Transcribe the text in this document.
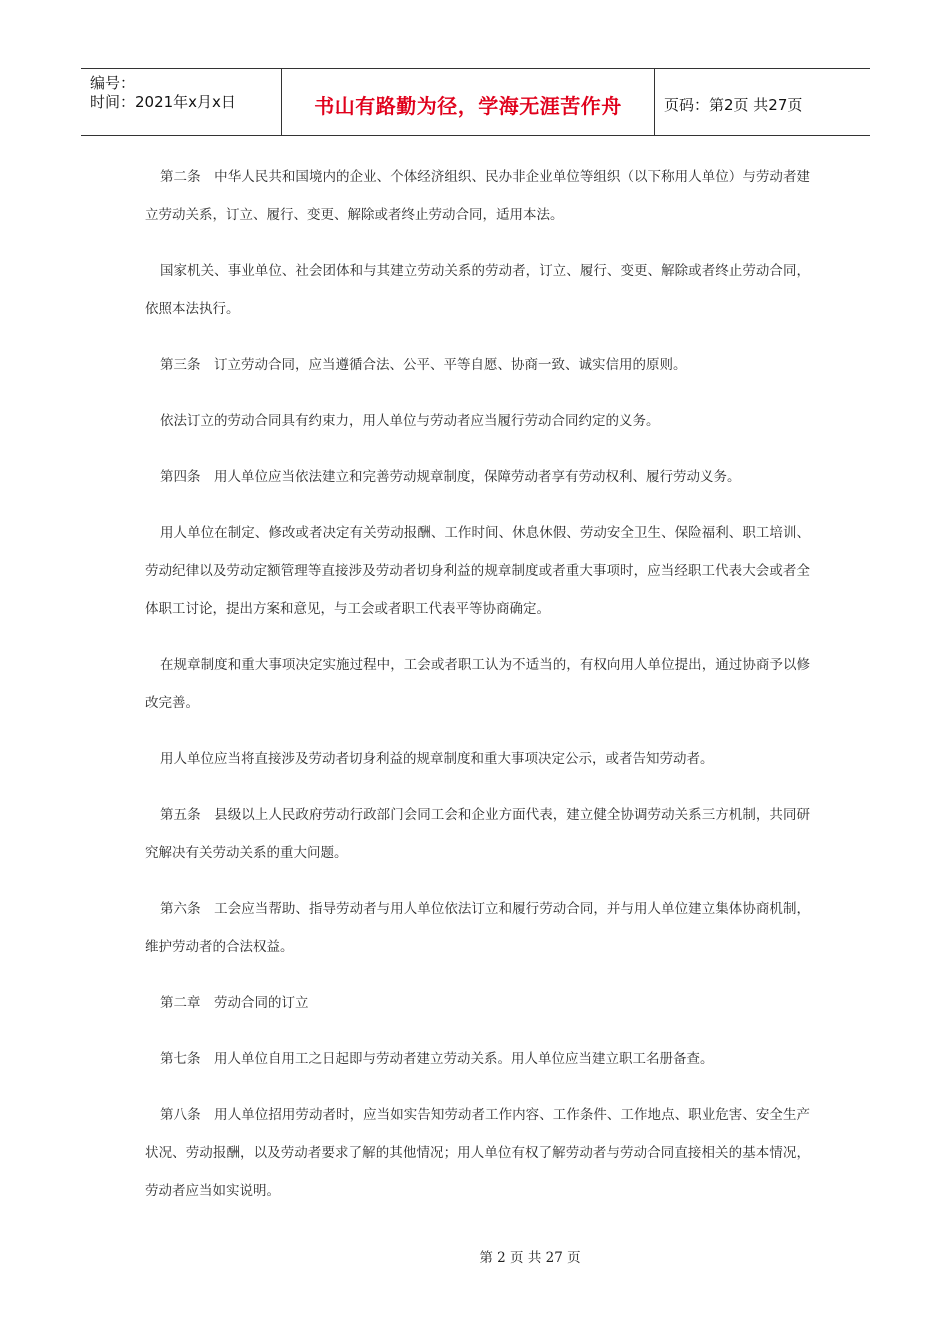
编号：
时间：2021年x月x日	书山有路勤为径，学海无涯苦作舟	页码：第2页 共27页

第二条　中华人民共和国境内的企业、个体经济组织、民办非企业单位等组织（以下称用人单位）与劳动者建立劳动关系，订立、履行、变更、解除或者终止劳动合同，适用本法。

国家机关、事业单位、社会团体和与其建立劳动关系的劳动者，订立、履行、变更、解除或者终止劳动合同，依照本法执行。

第三条　订立劳动合同，应当遵循合法、公平、平等自愿、协商一致、诚实信用的原则。

依法订立的劳动合同具有约束力，用人单位与劳动者应当履行劳动合同约定的义务。

第四条　用人单位应当依法建立和完善劳动规章制度，保障劳动者享有劳动权利、履行劳动义务。

用人单位在制定、修改或者决定有关劳动报酬、工作时间、休息休假、劳动安全卫生、保险福利、职工培训、劳动纪律以及劳动定额管理等直接涉及劳动者切身利益的规章制度或者重大事项时，应当经职工代表大会或者全体职工讨论，提出方案和意见，与工会或者职工代表平等协商确定。

在规章制度和重大事项决定实施过程中，工会或者职工认为不适当的，有权向用人单位提出，通过协商予以修改完善。

用人单位应当将直接涉及劳动者切身利益的规章制度和重大事项决定公示，或者告知劳动者。

第五条　县级以上人民政府劳动行政部门会同工会和企业方面代表，建立健全协调劳动关系三方机制，共同研究解决有关劳动关系的重大问题。

第六条　工会应当帮助、指导劳动者与用人单位依法订立和履行劳动合同，并与用人单位建立集体协商机制，维护劳动者的合法权益。

第二章　劳动合同的订立

第七条　用人单位自用工之日起即与劳动者建立劳动关系。用人单位应当建立职工名册备查。

第八条　用人单位招用劳动者时，应当如实告知劳动者工作内容、工作条件、工作地点、职业危害、安全生产状况、劳动报酬，以及劳动者要求了解的其他情况；用人单位有权了解劳动者与劳动合同直接相关的基本情况，劳动者应当如实说明。

第 2 页 共 27 页
